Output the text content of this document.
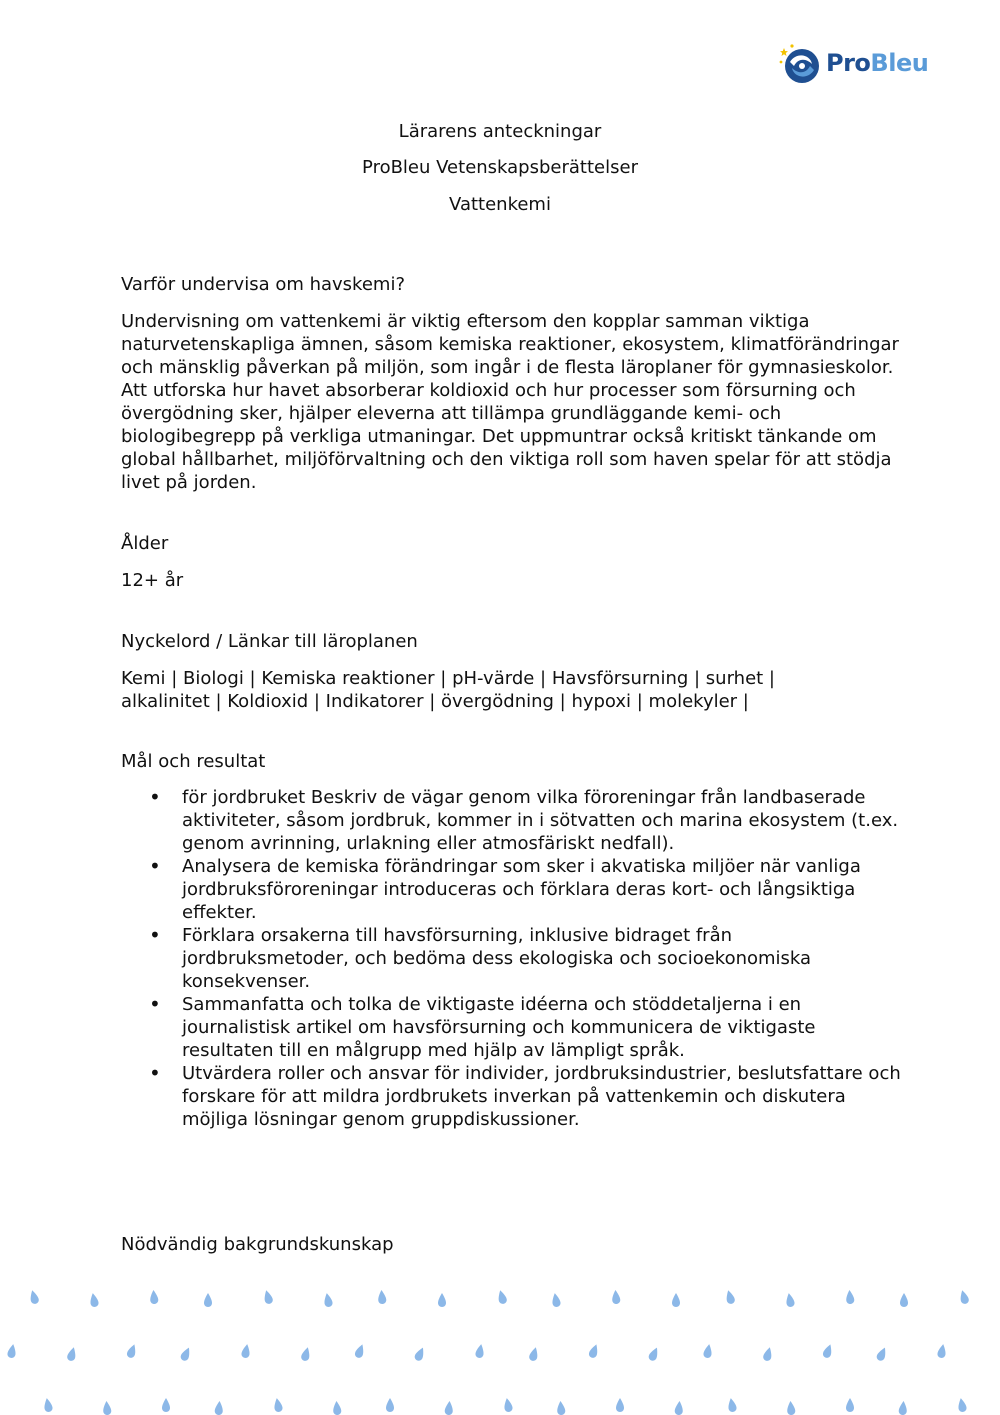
ProBleu
Lärarens anteckningar
ProBleu Vetenskapsberättelser
Vattenkemi
Varför undervisa om havskemi?

Undervisning om vattenkemi är viktig eftersom den kopplar samman viktiga naturvetenskapliga ämnen, såsom kemiska reaktioner, ekosystem, klimatförändringar och mänsklig påverkan på miljön, som ingår i de flesta läroplaner för gymnasieskolor. Att utforska hur havet absorberar koldioxid och hur processer som försurning och övergödning sker, hjälper eleverna att tillämpa grundläggande kemi- och biologibegrepp på verkliga utmaningar. Det uppmuntrar också kritiskt tänkande om global hållbarhet, miljöförvaltning och den viktiga roll som haven spelar för att stödja livet på jorden.

Ålder
12+ år
Nyckelord / Länkar till läroplanen

Kemi | Biologi | Kemiska reaktioner | pH-värde | Havsförsurning | surhet | alkalinitet | Koldioxid | Indikatorer | övergödning | hypoxi | molekyler |

Mål och resultat
• för jordbruket Beskriv de vägar genom vilka föroreningar från landbaserade aktiviteter, såsom jordbruk, kommer in i sötvatten och marina ekosystem (t.ex. genom avrinning, urlakning eller atmosfäriskt nedfall).
• Analysera de kemiska förändringar som sker i akvatiska miljöer när vanliga jordbruksföroreningar introduceras och förklara deras kort- och långsiktiga effekter.
• Förklara orsakerna till havsförsurning, inklusive bidraget från jordbruksmetoder, och bedöma dess ekologiska och socioekonomiska konsekvenser.
• Sammanfatta och tolka de viktigaste idéerna och stöddetaljerna i en journalistisk artikel om havsförsurning och kommunicera de viktigaste resultaten till en målgrupp med hjälp av lämpligt språk.
• Utvärdera roller och ansvar för individer, jordbruksindustrier, beslutsfattare och forskare för att mildra jordbrukets inverkan på vattenkemin och diskutera möjliga lösningar genom gruppdiskussioner.
Nödvändig bakgrundskunskap
